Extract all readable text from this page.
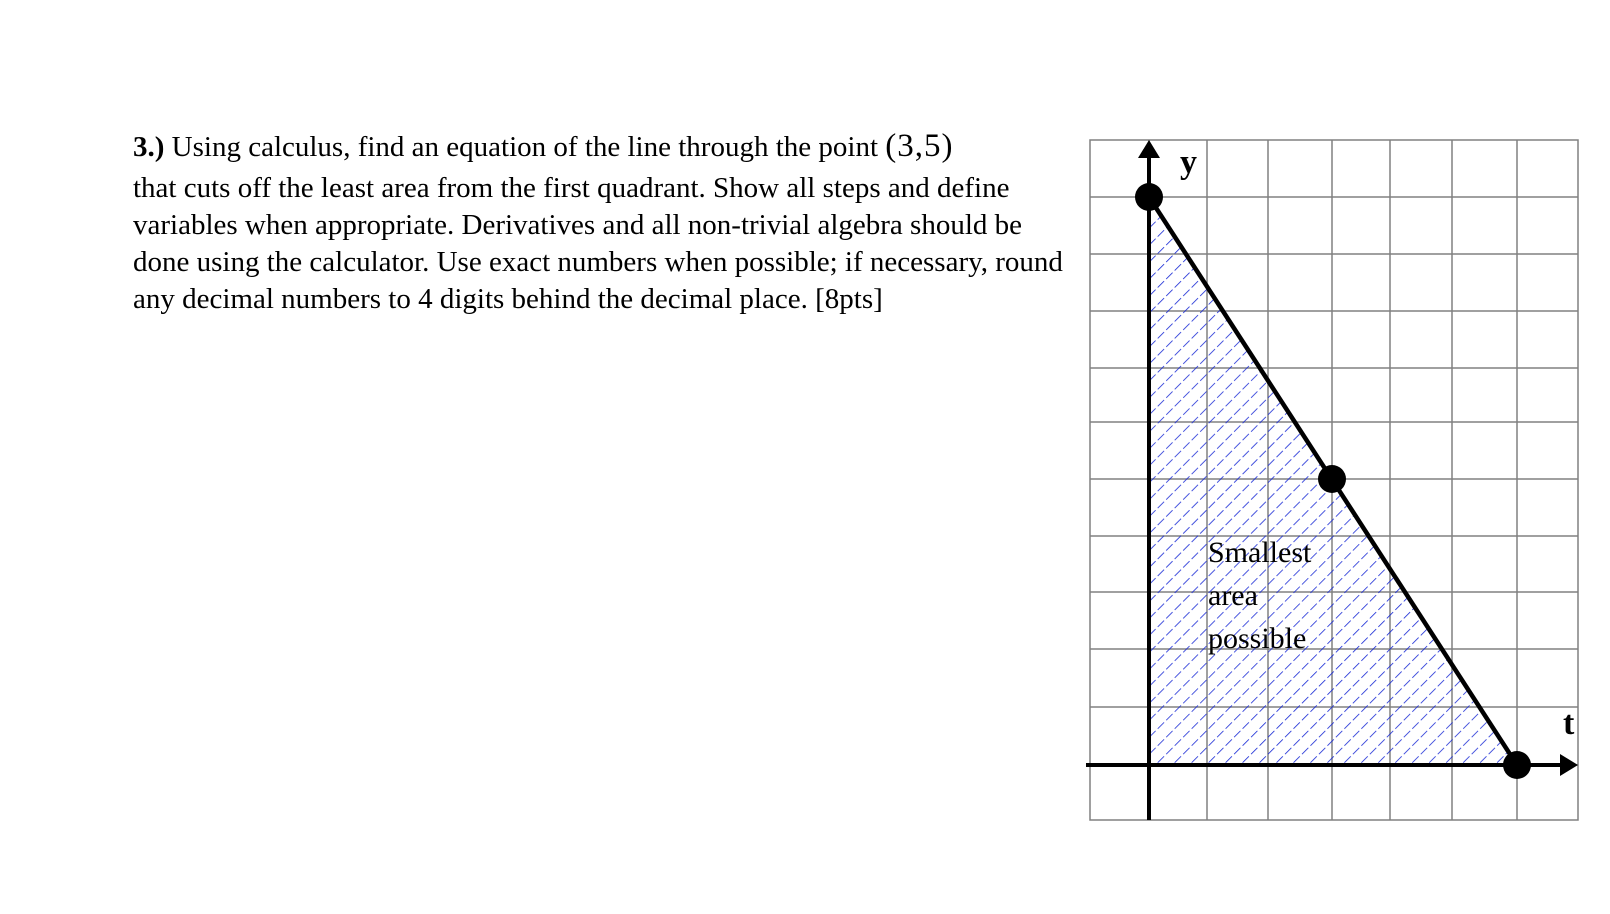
3.) Using calculus, find an equation of the line through the point (3,5)
that cuts off the least area from the first quadrant. Show all steps and define variables when appropriate. Derivatives and all non-trivial algebra should be done using the calculator. Use exact numbers when possible; if necessary, round any decimal numbers to 4 digits behind the decimal place. [8pts]
y
t
Smallest
area
possible
